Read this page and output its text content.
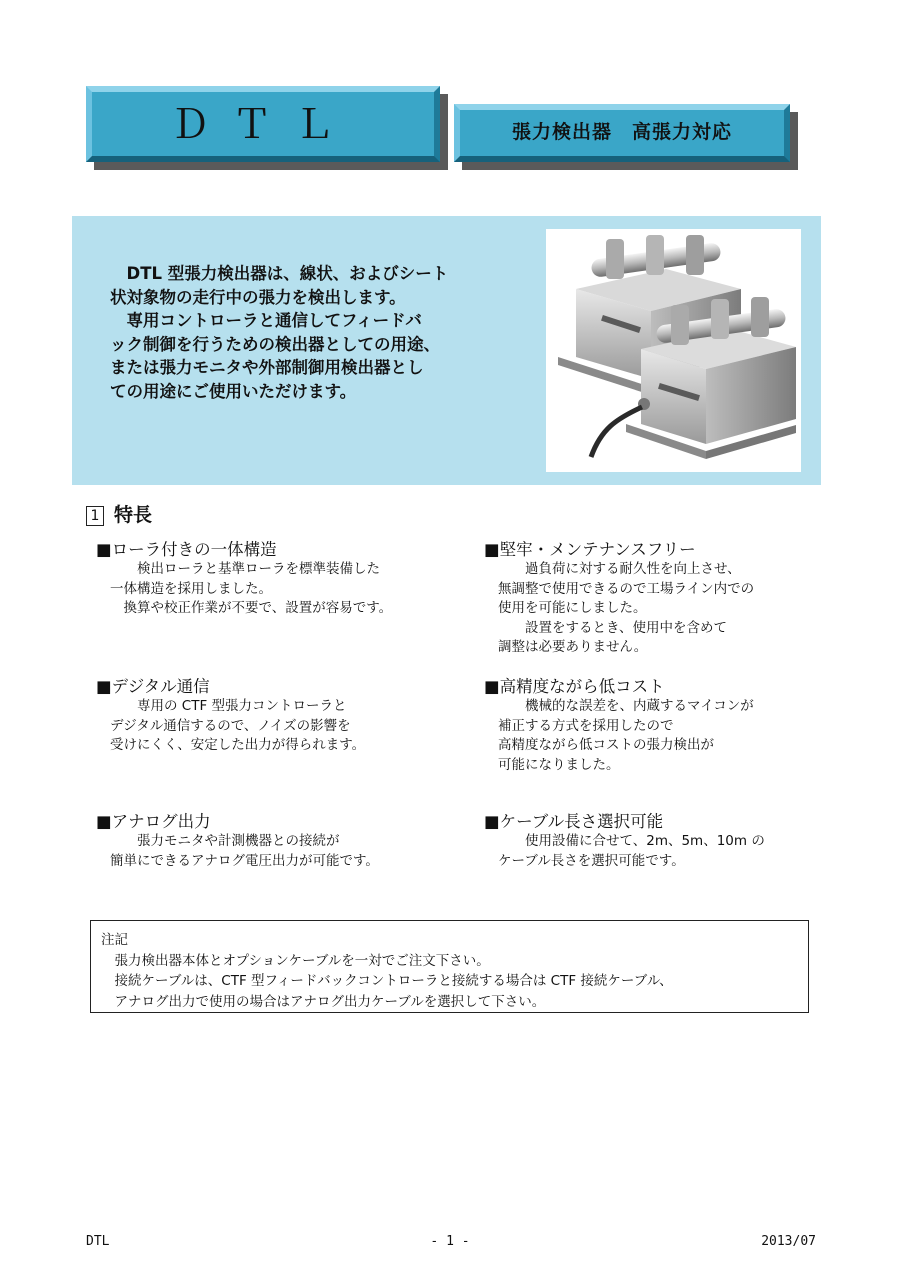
ＤＴＬ	張力検出器　高張力対応
　DTL 型張力検出器は、線状、およびシート
状対象物の走行中の張力を検出します。
　専用コントローラと通信してフィードバ
ック制御を行うための検出器としての用途、
または張力モニタや外部制御用検出器とし
ての用途にご使用いただけます。
1 特長
■ローラ付きの一体構造
　　検出ローラと基準ローラを標準装備した
一体構造を採用しました。
　換算や校正作業が不要で、設置が容易です。
■堅牢・メンテナンスフリー
　　過負荷に対する耐久性を向上させ、
無調整で使用できるので工場ライン内での
使用を可能にしました。
　　設置をするとき、使用中を含めて
調整は必要ありません。
■デジタル通信
　　専用の CTF 型張力コントローラと
デジタル通信するので、ノイズの影響を
受けにくく、安定した出力が得られます。
■高精度ながら低コスト
　　機械的な誤差を、内蔵するマイコンが
補正する方式を採用したので
高精度ながら低コストの張力検出が
可能になりました。
■アナログ出力
　　張力モニタや計測機器との接続が
簡単にできるアナログ電圧出力が可能です。
■ケーブル長さ選択可能
　　使用設備に合せて、2m、5m、10m の
ケーブル長さを選択可能です。
注記
　張力検出器本体とオプションケーブルを一対でご注文下さい。
　接続ケーブルは、CTF 型フィードバックコントローラと接続する場合は CTF 接続ケーブル、
　アナログ出力で使用の場合はアナログ出力ケーブルを選択して下さい。
DTL	- 1 -	2013/07
